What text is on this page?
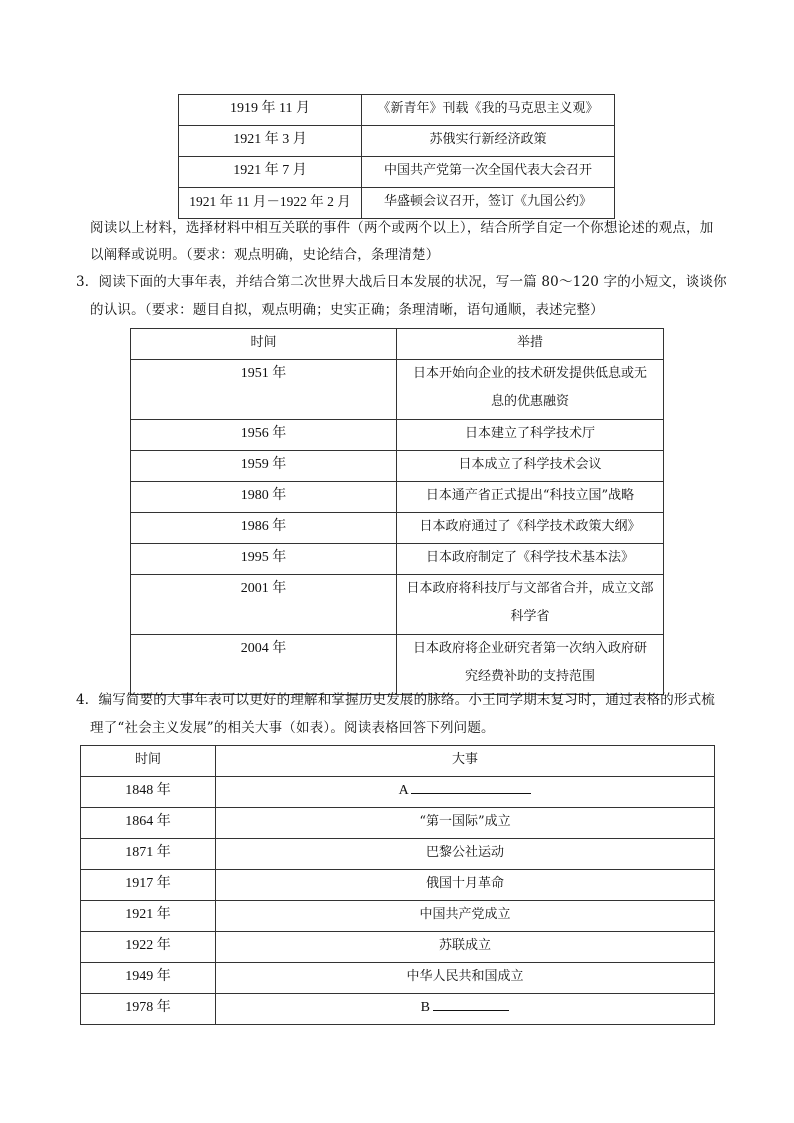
1919 年 11 月	《新青年》刊载《我的马克思主义观》
1921 年 3 月	苏俄实行新经济政策
1921 年 7 月	中国共产党第一次全国代表大会召开
1921 年 11 月－1922 年 2 月	华盛顿会议召开，签订《九国公约》

阅读以上材料，选择材料中相互关联的事件（两个或两个以上），结合所学自定一个你想论述的观点，加

以阐释或说明。（要求：观点明确，史论结合，条理清楚）

3．阅读下面的大事年表，并结合第二次世界大战后日本发展的状况，写一篇 80～120 字的小短文，谈谈你

的认识。（要求：题目自拟，观点明确；史实正确；条理清晰，语句通顺，表述完整）

时间	举措
1951 年	日本开始向企业的技术研发提供低息或无
息的优惠融资

1956 年	日本建立了科学技术厅
1959 年	日本成立了科学技术会议
1980 年	日本通产省正式提出“科技立国”战略
1986 年	日本政府通过了《科学技术政策大纲》
1995 年	日本政府制定了《科学技术基本法》
2001 年	日本政府将科技厅与文部省合并，成立文部
科学省

2004 年	日本政府将企业研究者第一次纳入政府研
究经费补助的支持范围

4．编写简要的大事年表可以更好的理解和掌握历史发展的脉络。小王同学期末复习时，通过表格的形式梳

理了“社会主义发展”的相关大事（如表）。阅读表格回答下列问题。

时间	大事
1848 年	A
1864 年	“第一国际”成立
1871 年	巴黎公社运动
1917 年	俄国十月革命
1921 年	中国共产党成立
1922 年	苏联成立
1949 年	中华人民共和国成立
1978 年	B
